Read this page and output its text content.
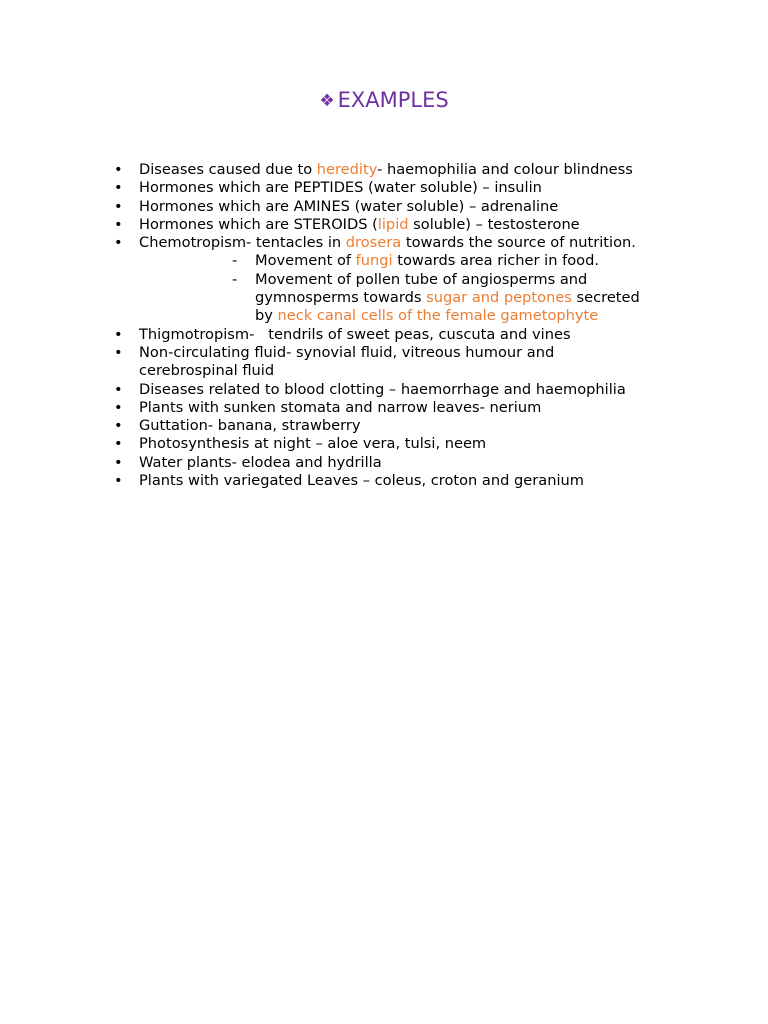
❖ EXAMPLES
• Diseases caused due to heredity- haemophilia and colour blindness
• Hormones which are PEPTIDES (water soluble) – insulin
• Hormones which are AMINES (water soluble) – adrenaline
• Hormones which are STEROIDS (lipid soluble) – testosterone
• Chemotropism- tentacles in drosera towards the source of nutrition.
- Movement of fungi towards area richer in food.
- Movement of pollen tube of angiosperms and
gymnosperms towards sugar and peptones secreted
by neck canal cells of the female gametophyte
• Thigmotropism-   tendrils of sweet peas, cuscuta and vines
• Non-circulating fluid- synovial fluid, vitreous humour and
cerebrospinal fluid
• Diseases related to blood clotting – haemorrhage and haemophilia
• Plants with sunken stomata and narrow leaves- nerium
• Guttation- banana, strawberry
• Photosynthesis at night – aloe vera, tulsi, neem
• Water plants- elodea and hydrilla
• Plants with variegated Leaves – coleus, croton and geranium
